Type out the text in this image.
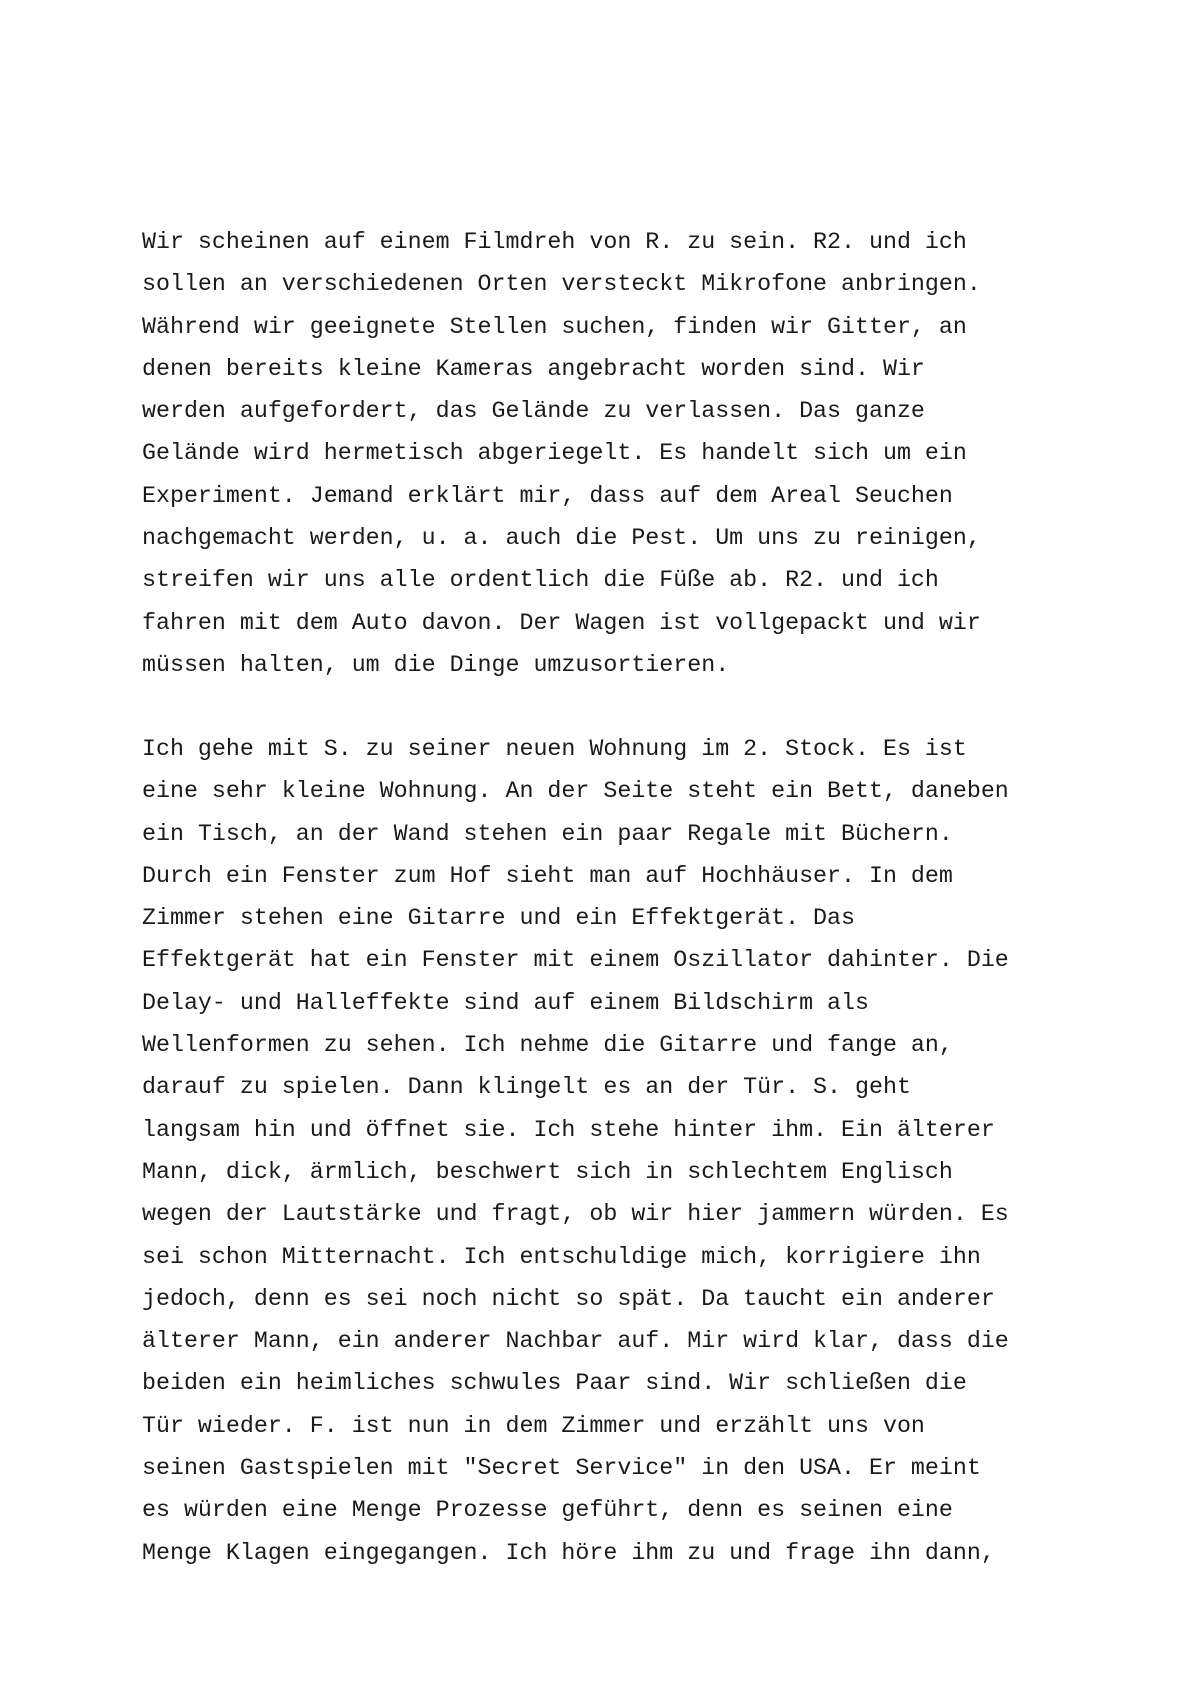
Wir scheinen auf einem Filmdreh von R. zu sein. R2. und ich
sollen an verschiedenen Orten versteckt Mikrofone anbringen.
Während wir geeignete Stellen suchen, finden wir Gitter, an
denen bereits kleine Kameras angebracht worden sind. Wir
werden aufgefordert, das Gelände zu verlassen. Das ganze
Gelände wird hermetisch abgeriegelt. Es handelt sich um ein
Experiment. Jemand erklärt mir, dass auf dem Areal Seuchen
nachgemacht werden, u. a. auch die Pest. Um uns zu reinigen,
streifen wir uns alle ordentlich die Füße ab. R2. und ich
fahren mit dem Auto davon. Der Wagen ist vollgepackt und wir
müssen halten, um die Dinge umzusortieren.
Ich gehe mit S. zu seiner neuen Wohnung im 2. Stock. Es ist
eine sehr kleine Wohnung. An der Seite steht ein Bett, daneben
ein Tisch, an der Wand stehen ein paar Regale mit Büchern.
Durch ein Fenster zum Hof sieht man auf Hochhäuser. In dem
Zimmer stehen eine Gitarre und ein Effektgerät. Das
Effektgerät hat ein Fenster mit einem Oszillator dahinter. Die
Delay- und Halleffekte sind auf einem Bildschirm als
Wellenformen zu sehen. Ich nehme die Gitarre und fange an,
darauf zu spielen. Dann klingelt es an der Tür. S. geht
langsam hin und öffnet sie. Ich stehe hinter ihm. Ein älterer
Mann, dick, ärmlich, beschwert sich in schlechtem Englisch
wegen der Lautstärke und fragt, ob wir hier jammern würden. Es
sei schon Mitternacht. Ich entschuldige mich, korrigiere ihn
jedoch, denn es sei noch nicht so spät. Da taucht ein anderer
älterer Mann, ein anderer Nachbar auf. Mir wird klar, dass die
beiden ein heimliches schwules Paar sind. Wir schließen die
Tür wieder. F. ist nun in dem Zimmer und erzählt uns von
seinen Gastspielen mit "Secret Service" in den USA. Er meint
es würden eine Menge Prozesse geführt, denn es seinen eine
Menge Klagen eingegangen. Ich höre ihm zu und frage ihn dann,
